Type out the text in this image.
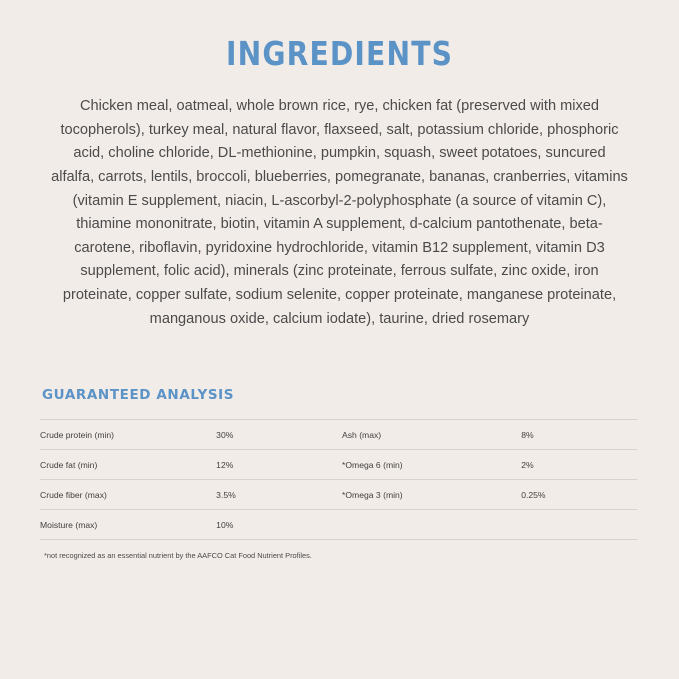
INGREDIENTS

Chicken meal, oatmeal, whole brown rice, rye, chicken fat (preserved with mixed tocopherols), turkey meal, natural flavor, flaxseed, salt, potassium chloride, phosphoric acid, choline chloride, DL-methionine, pumpkin, squash, sweet potatoes, suncured alfalfa, carrots, lentils, broccoli, blueberries, pomegranate, bananas, cranberries, vitamins (vitamin E supplement, niacin, L-ascorbyl-2-polyphosphate (a source of vitamin C), thiamine mononitrate, biotin, vitamin A supplement, d-calcium pantothenate, beta-carotene, riboflavin, pyridoxine hydrochloride, vitamin B12 supplement, vitamin D3 supplement, folic acid), minerals (zinc proteinate, ferrous sulfate, zinc oxide, iron proteinate, copper sulfate, sodium selenite, copper proteinate, manganese proteinate, manganous oxide, calcium iodate), taurine, dried rosemary

GUARANTEED ANALYSIS
Crude protein (min)	30%	Ash (max)	8%
Crude fat (min)	12%	*Omega 6 (min)	2%
Crude fiber (max)	3.5%	*Omega 3 (min)	0.25%
Moisture (max)	10%		
*not recognized as an essential nutrient by the AAFCO Cat Food Nutrient Profiles.
